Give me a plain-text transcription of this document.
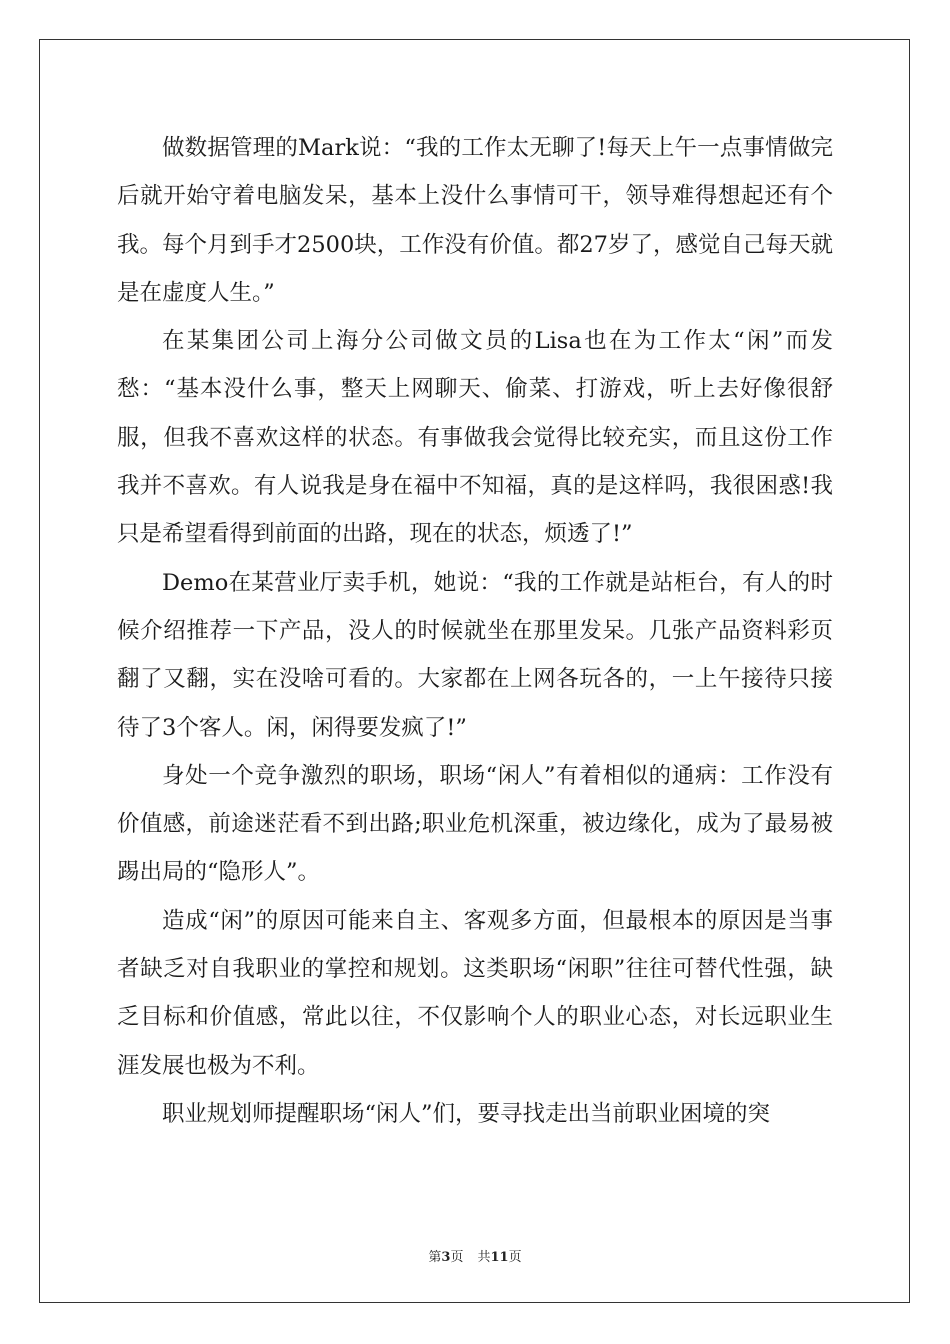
做数据管理的Mark说：“我的工作太无聊了!每天上午一点事情做完后就开始守着电脑发呆，基本上没什么事情可干，领导难得想起还有个我。每个月到手才2500块，工作没有价值。都27岁了，感觉自己每天就是在虚度人生。”

在某集团公司上海分公司做文员的Lisa也在为工作太“闲”而发愁：“基本没什么事，整天上网聊天、偷菜、打游戏，听上去好像很舒服，但我不喜欢这样的状态。有事做我会觉得比较充实，而且这份工作我并不喜欢。有人说我是身在福中不知福，真的是这样吗，我很困惑!我只是希望看得到前面的出路，现在的状态，烦透了!”

Demo在某营业厅卖手机，她说：“我的工作就是站柜台，有人的时候介绍推荐一下产品，没人的时候就坐在那里发呆。几张产品资料彩页翻了又翻，实在没啥可看的。大家都在上网各玩各的，一上午接待只接待了3个客人。闲，闲得要发疯了!”

身处一个竞争激烈的职场，职场“闲人”有着相似的通病：工作没有价值感，前途迷茫看不到出路;职业危机深重，被边缘化，成为了最易被踢出局的“隐形人”。

造成“闲”的原因可能来自主、客观多方面，但最根本的原因是当事者缺乏对自我职业的掌控和规划。这类职场“闲职”往往可替代性强，缺乏目标和价值感，常此以往，不仅影响个人的职业心态，对长远职业生涯发展也极为不利。

职业规划师提醒职场“闲人”们，要寻找走出当前职业困境的突

第3页 共11页
